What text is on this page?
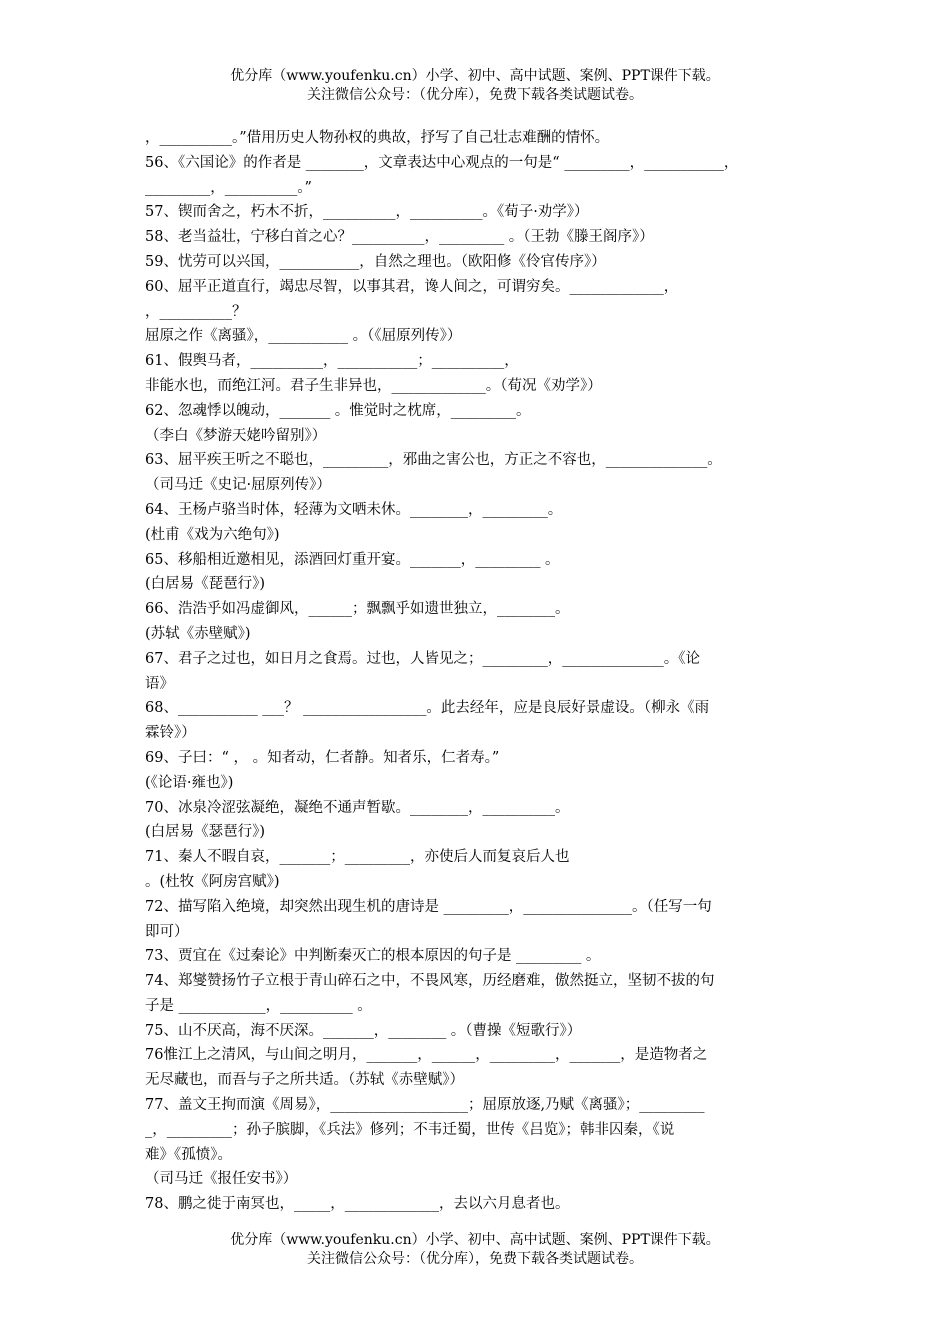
优分库（www.youfenku.cn）小学、初中、高中试题、案例、PPT课件下载。
关注微信公众号：（优分库），免费下载各类试题试卷。
，__________。”借用历史人物孙权的典故，抒写了自己壮志难酬的情怀。
56、《六国论》的作者是 ________，文章表达中心观点的一句是“ _________，___________，
_________，__________。”
57、锲而舍之，朽木不折，__________，__________。《荀子·劝学》）
58、老当益壮，宁移白首之心？__________，_________ 。（王勃《滕王阁序》）
59、忧劳可以兴国，___________，自然之理也。（欧阳修《伶官传序》）
60、屈平正道直行，竭忠尽智，以事其君，谗人间之，可谓穷矣。_____________，
，__________？
屈原之作《离骚》，___________ 。（《屈原列传》）
61、假舆马者，__________，___________；__________，
非能水也，而绝江河。君子生非异也，_____________。（荀况《劝学》）
62、忽魂悸以魄动，_______ 。惟觉时之枕席，_________。
（李白《梦游天姥吟留别》）
63、屈平疾王听之不聪也，_________，邪曲之害公也，方正之不容也，______________。
（司马迁《史记·屈原列传》）
64、王杨卢骆当时体，轻薄为文哂未休。________，_________。
(杜甫《戏为六绝句》)
65、移船相近邀相见，添酒回灯重开宴。_______，_________ 。
(白居易《琵琶行》)
66、浩浩乎如冯虚御风，______；飘飘乎如遗世独立，________。
(苏轼《赤壁赋》)
67、君子之过也，如日月之食焉。过也，人皆见之；_________，______________。《论
语》
68、___________ ___？ _________________。此去经年，应是良辰好景虚设。（柳永《雨
霖铃》）
69、子曰：“ ， 。知者动，仁者静。知者乐，仁者寿。”
(《论语·雍也》)
70、冰泉冷涩弦凝绝，凝绝不通声暂歇。________，__________。
(白居易《瑟琶行》)
71、秦人不暇自哀，_______；_________，亦使后人而复哀后人也
。(杜牧《阿房宫赋》)
72、描写陷入绝境，却突然出现生机的唐诗是 _________，_______________。（任写一句
即可）
73、贾宜在《过秦论》中判断秦灭亡的根本原因的句子是 _________ 。
74、郑燮赞扬竹子立根于青山碎石之中，不畏风寒，历经磨难，傲然挺立，坚韧不拔的句
子是 ____________，__________ 。
75、山不厌高，海不厌深。_______，________ 。（曹操《短歌行》）
76惟江上之清风，与山间之明月，_______，______，_________，_______，是造物者之
无尽藏也，而吾与子之所共适。（苏轼《赤壁赋》）
77、盖文王拘而演《周易》，___________________；屈原放逐,乃赋《离骚》；_________
_，_________；孙子膑脚，《兵法》修列；不韦迁蜀，世传《吕览》；韩非囚秦，《说
难》《孤愤》。
（司马迁《报任安书》）
78、鹏之徙于南冥也，_____，_____________，去以六月息者也。
优分库（www.youfenku.cn）小学、初中、高中试题、案例、PPT课件下载。
关注微信公众号：（优分库），免费下载各类试题试卷。
